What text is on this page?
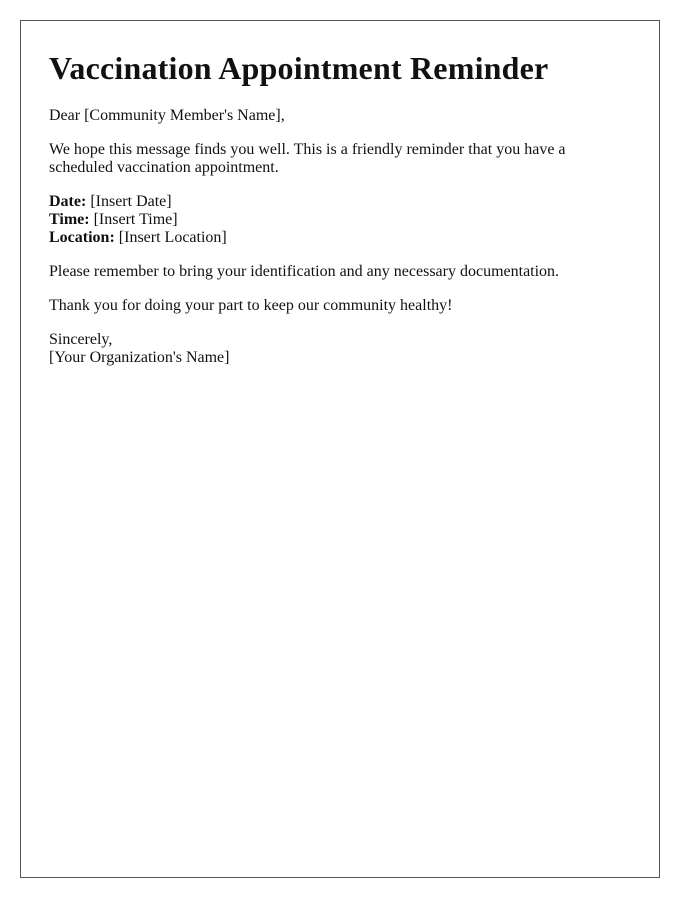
Vaccination Appointment Reminder

Dear [Community Member's Name],

We hope this message finds you well. This is a friendly reminder that you have a scheduled vaccination appointment.

Date: [Insert Date]
Time: [Insert Time]
Location: [Insert Location]

Please remember to bring your identification and any necessary documentation.

Thank you for doing your part to keep our community healthy!

Sincerely,
[Your Organization's Name]
